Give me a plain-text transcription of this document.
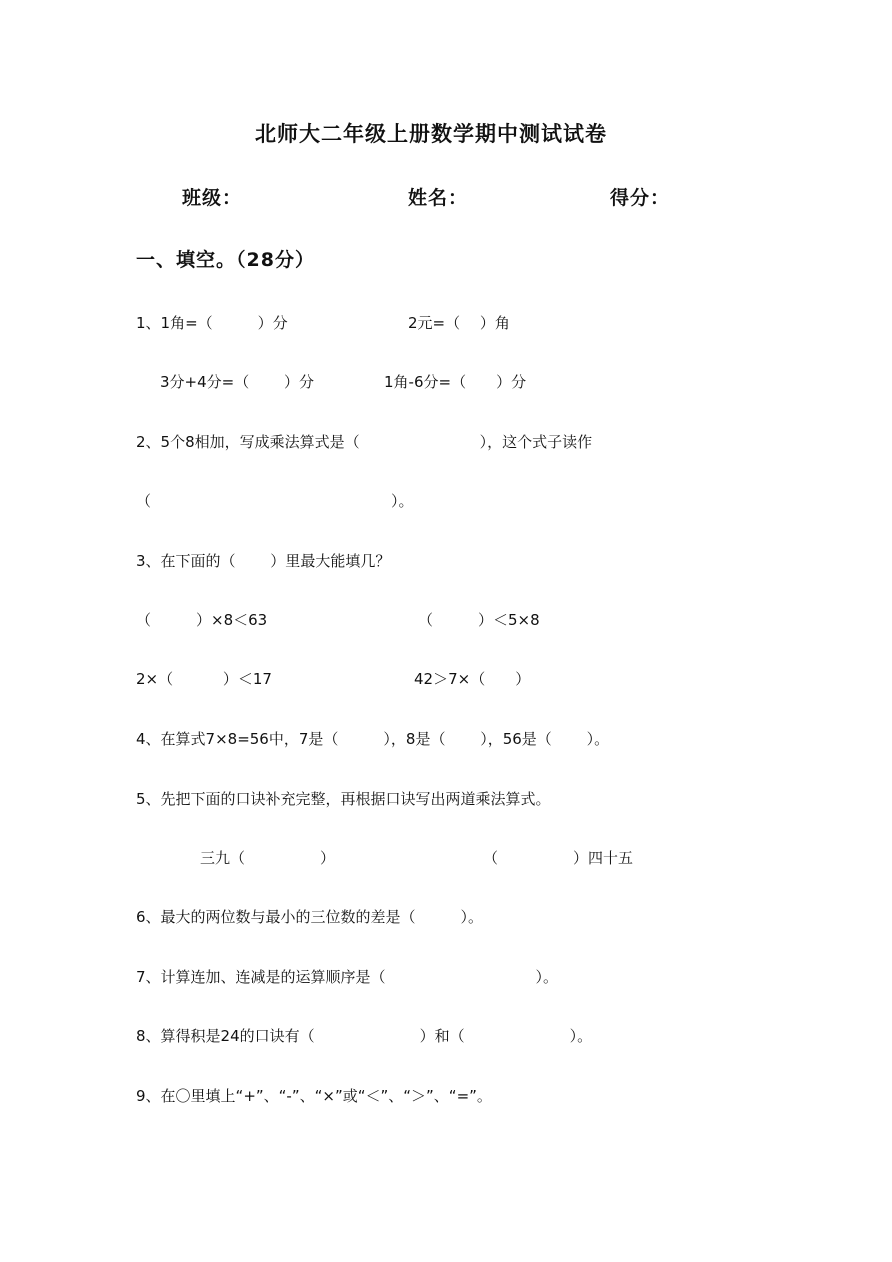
北师大二年级上册数学期中测试试卷
班级：	姓名：	得分：
一、填空。（28分）
1、1角=（　　　）分	2元=（　 ）角
3分+4分=（　　 ）分	1角-6分=（　　）分
2、5个8相加，写成乘法算式是（　　　　　　　　），这个式子读作
（　　　　　　　　　　　　　　　　）。
3、在下面的（　　 ）里最大能填几？
（　　　）×8＜63	（　　　）＜5×8
2×（　　　 ）＜17	42＞7×（　　）
4、在算式7×8=56中，7是（　　　），8是（　　 ），56是（　　 ）。
5、先把下面的口诀补充完整，再根据口诀写出两道乘法算式。
三九（　　　　　）	（　　　　　）四十五
6、最大的两位数与最小的三位数的差是（　　　）。
7、计算连加、连减是的运算顺序是（　　　　　　　　　　）。
8、算得积是24的口诀有（　　　　　　　）和（　　　　　　　）。
9、在〇里填上“+”、“-”、“×”或“＜”、“＞”、“=”。
